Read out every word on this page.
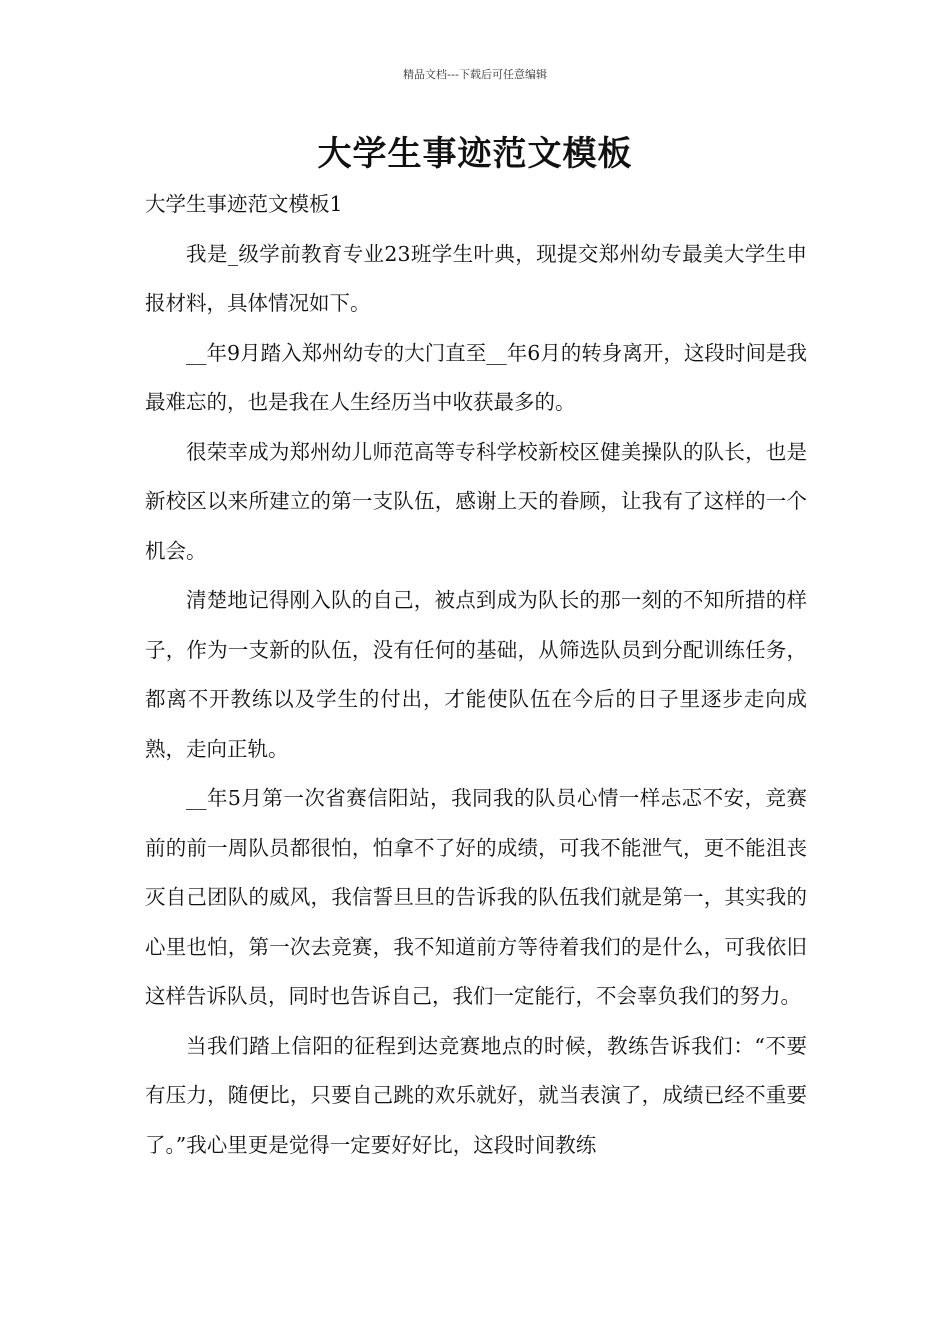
精品文档---下载后可任意编辑
大学生事迹范文模板

大学生事迹范文模板1

我是_级学前教育专业23班学生叶典，现提交郑州幼专最美大学生申报材料，具体情况如下。

__年9月踏入郑州幼专的大门直至__年6月的转身离开，这段时间是我最难忘的，也是我在人生经历当中收获最多的。

很荣幸成为郑州幼儿师范高等专科学校新校区健美操队的队长，也是新校区以来所建立的第一支队伍，感谢上天的眷顾，让我有了这样的一个机会。

清楚地记得刚入队的自己，被点到成为队长的那一刻的不知所措的样子，作为一支新的队伍，没有任何的基础，从筛选队员到分配训练任务，都离不开教练以及学生的付出，才能使队伍在今后的日子里逐步走向成熟，走向正轨。

__年5月第一次省赛信阳站，我同我的队员心情一样忐忑不安，竞赛前的前一周队员都很怕，怕拿不了好的成绩，可我不能泄气，更不能沮丧灭自己团队的威风，我信誓旦旦的告诉我的队伍我们就是第一，其实我的心里也怕，第一次去竞赛，我不知道前方等待着我们的是什么，可我依旧这样告诉队员，同时也告诉自己，我们一定能行，不会辜负我们的努力。

当我们踏上信阳的征程到达竞赛地点的时候，教练告诉我们：“不要有压力，随便比，只要自己跳的欢乐就好，就当表演了，成绩已经不重要了。”我心里更是觉得一定要好好比，这段时间教练
